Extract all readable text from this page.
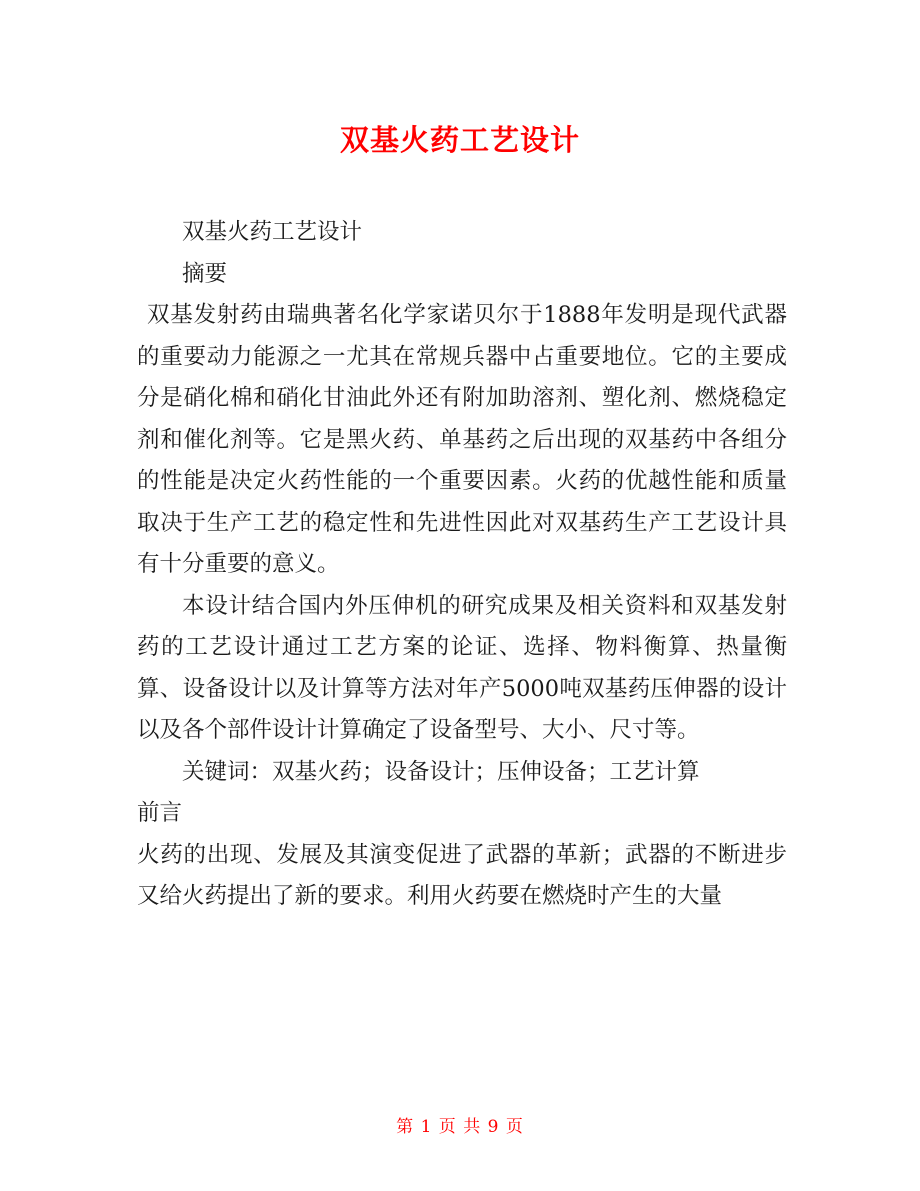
双基火药工艺设计

双基火药工艺设计

摘要

双基发射药由瑞典著名化学家诺贝尔于1888年发明是现代武器的重要动力能源之一尤其在常规兵器中占重要地位。它的主要成分是硝化棉和硝化甘油此外还有附加助溶剂、塑化剂、燃烧稳定剂和催化剂等。它是黑火药、单基药之后出现的双基药中各组分的性能是决定火药性能的一个重要因素。火药的优越性能和质量取决于生产工艺的稳定性和先进性因此对双基药生产工艺设计具有十分重要的意义。

本设计结合国内外压伸机的研究成果及相关资料和双基发射药的工艺设计通过工艺方案的论证、选择、物料衡算、热量衡算、设备设计以及计算等方法对年产5000吨双基药压伸器的设计以及各个部件设计计算确定了设备型号、大小、尺寸等。

关键词：双基火药；设备设计；压伸设备；工艺计算

前言

火药的出现、发展及其演变促进了武器的革新；武器的不断进步又给火药提出了新的要求。利用火药要在燃烧时产生的大量

第 1 页 共 9 页
